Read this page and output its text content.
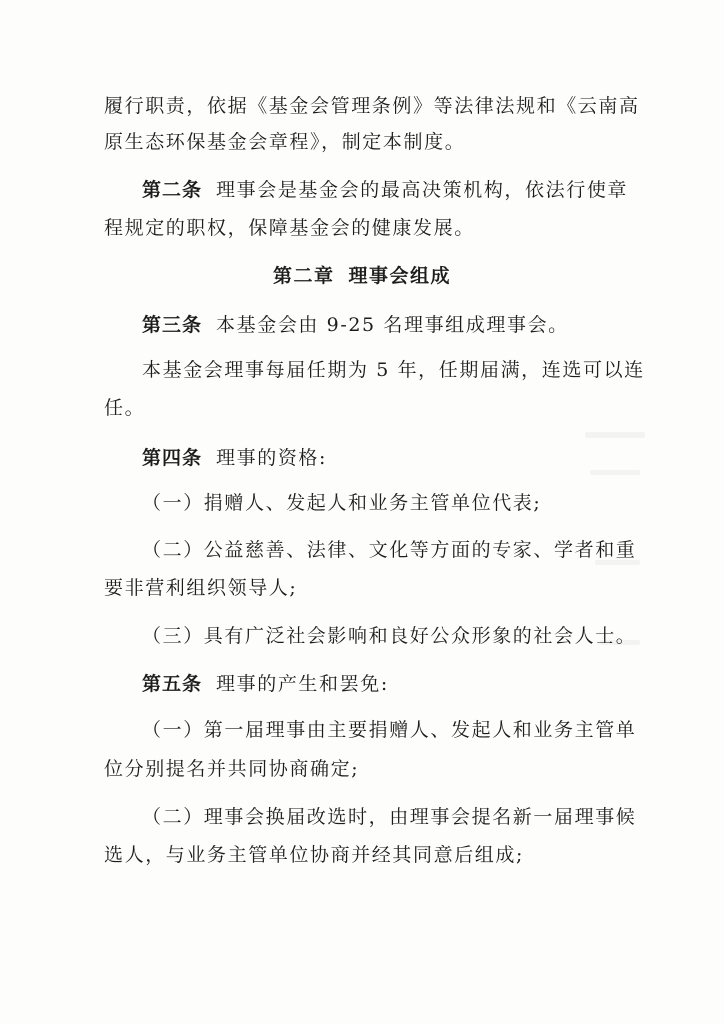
履行职责，依据《基金会管理条例》等法律法规和《云南高
原生态环保基金会章程》，制定本制度。
第二条 理事会是基金会的最高决策机构，依法行使章
程规定的职权，保障基金会的健康发展。
第二章 理事会组成
第三条 本基金会由 9-25 名理事组成理事会。
本基金会理事每届任期为 5 年，任期届满，连选可以连
任。
第四条 理事的资格:
（一）捐赠人、发起人和业务主管单位代表;
（二）公益慈善、法律、文化等方面的专家、学者和重
要非营利组织领导人;
（三）具有广泛社会影响和良好公众形象的社会人士。
第五条 理事的产生和罢免:
（一）第一届理事由主要捐赠人、发起人和业务主管单
位分别提名并共同协商确定;
（二）理事会换届改选时，由理事会提名新一届理事候
选人，与业务主管单位协商并经其同意后组成;
